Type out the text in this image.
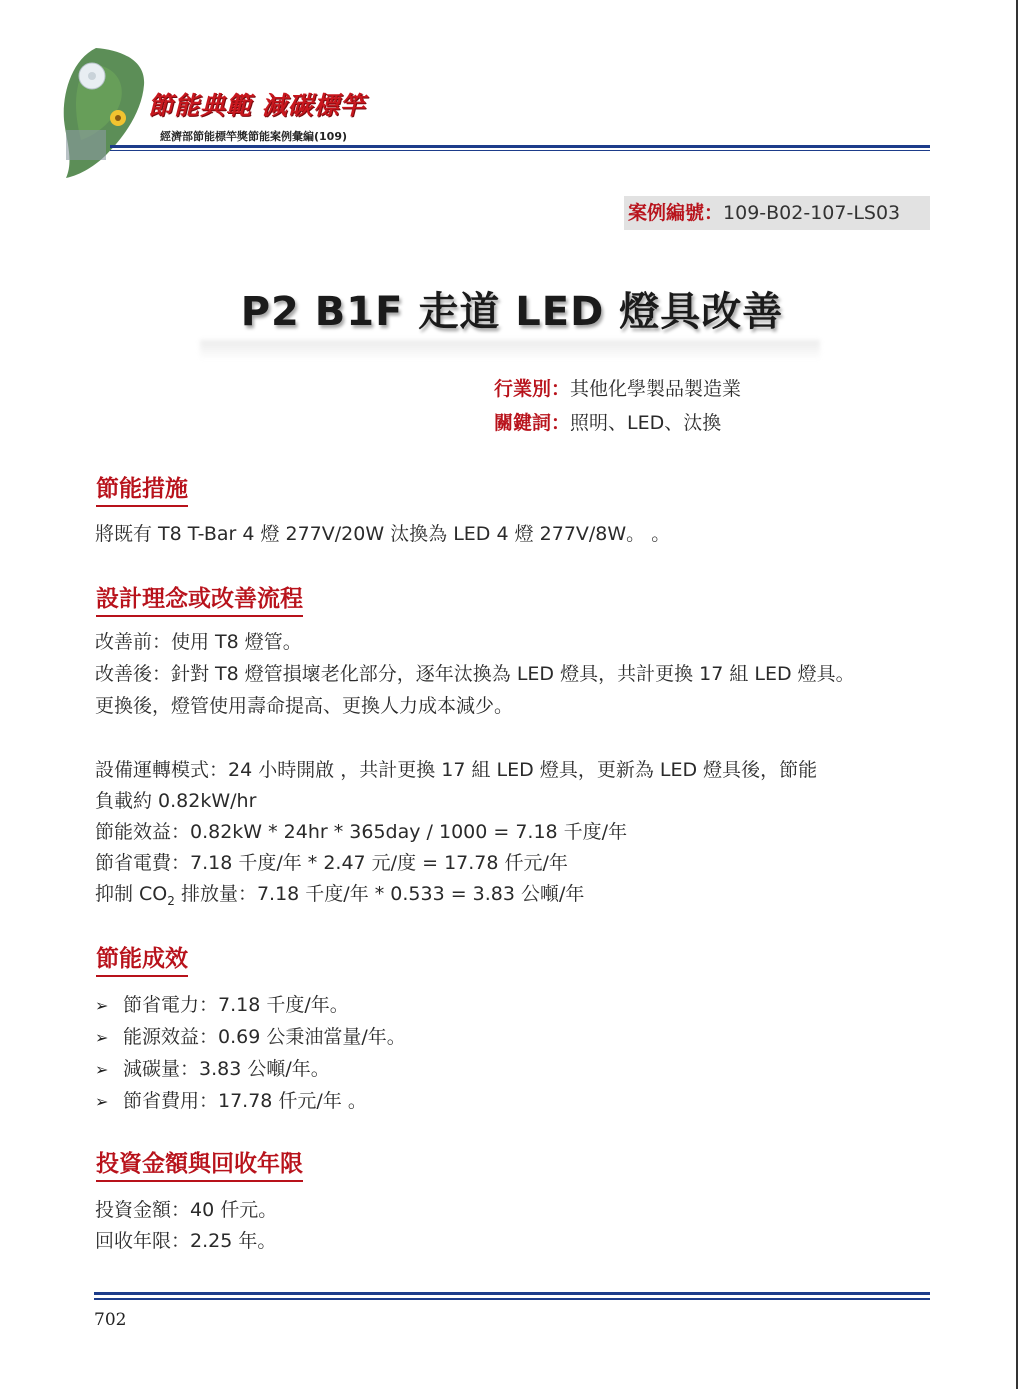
節能典範 減碳標竿
經濟部節能標竿獎節能案例彙編(109)
案例編號：109-B02-107-LS03
P2 B1F 走道 LED 燈具改善
行業別：其他化學製品製造業
關鍵詞：照明、LED、汰換
節能措施
將既有 T8 T-Bar 4 燈 277V/20W 汰換為 LED 4 燈 277V/8W。 。
設計理念或改善流程
改善前：使用 T8 燈管。
改善後：針對 T8 燈管損壞老化部分，逐年汰換為 LED 燈具，共計更換 17 組 LED 燈具。
更換後，燈管使用壽命提高、更換人力成本減少。
設備運轉模式：24 小時開啟 ，共計更換 17 組 LED 燈具，更新為 LED 燈具後，節能
負載約 0.82kW/hr
節能效益：0.82kW * 24hr * 365day / 1000 = 7.18 千度/年
節省電費：7.18 千度/年 * 2.47 元/度 = 17.78 仟元/年
抑制 $CO_2$ 排放量：7.18 千度/年 * 0.533 = 3.83 公噸/年
節能成效
➢ 節省電力：7.18 千度/年。
➢ 能源效益：0.69 公秉油當量/年。
➢ 減碳量：3.83 公噸/年。
➢ 節省費用：17.78 仟元/年 。
投資金額與回收年限
投資金額：40 仟元。
回收年限：2.25 年。
702
